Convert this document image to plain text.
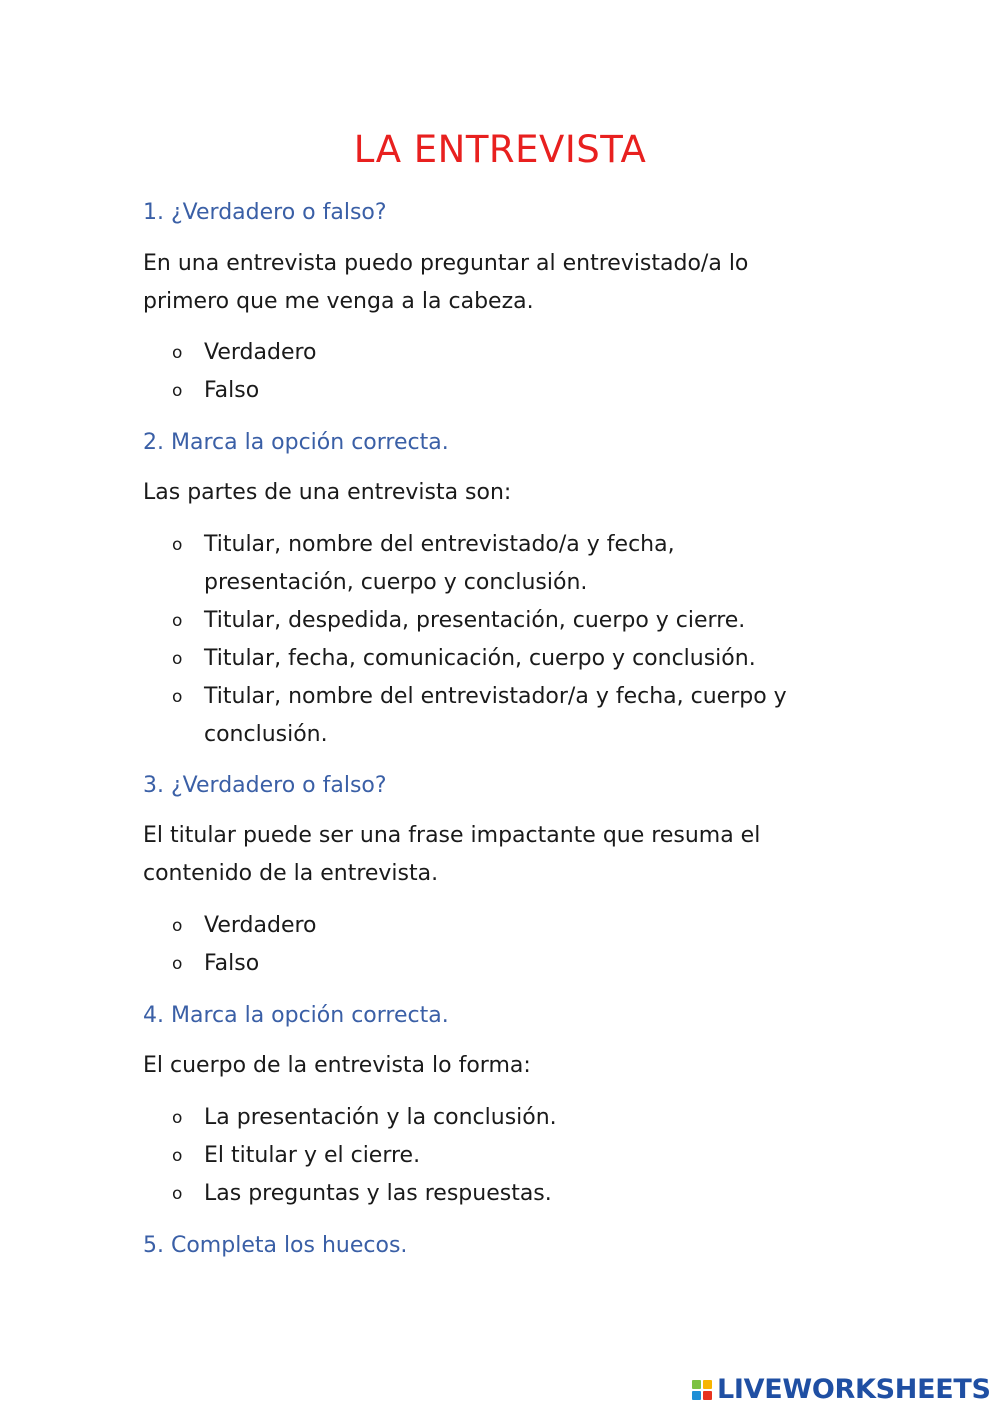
LA ENTREVISTA
1. ¿Verdadero o falso?
En una entrevista puedo preguntar al entrevistado/a lo
primero que me venga a la cabeza.
o Verdadero
o Falso
2. Marca la opción correcta.
Las partes de una entrevista son:
o Titular, nombre del entrevistado/a y fecha,
presentación, cuerpo y conclusión.
o Titular, despedida, presentación, cuerpo y cierre.
o Titular, fecha, comunicación, cuerpo y conclusión.
o Titular, nombre del entrevistador/a y fecha, cuerpo y
conclusión.
3. ¿Verdadero o falso?
El titular puede ser una frase impactante que resuma el
contenido de la entrevista.
o Verdadero
o Falso
4. Marca la opción correcta.
El cuerpo de la entrevista lo forma:
o La presentación y la conclusión.
o El titular y el cierre.
o Las preguntas y las respuestas.
5. Completa los huecos.
LIVEWORKSHEETS
